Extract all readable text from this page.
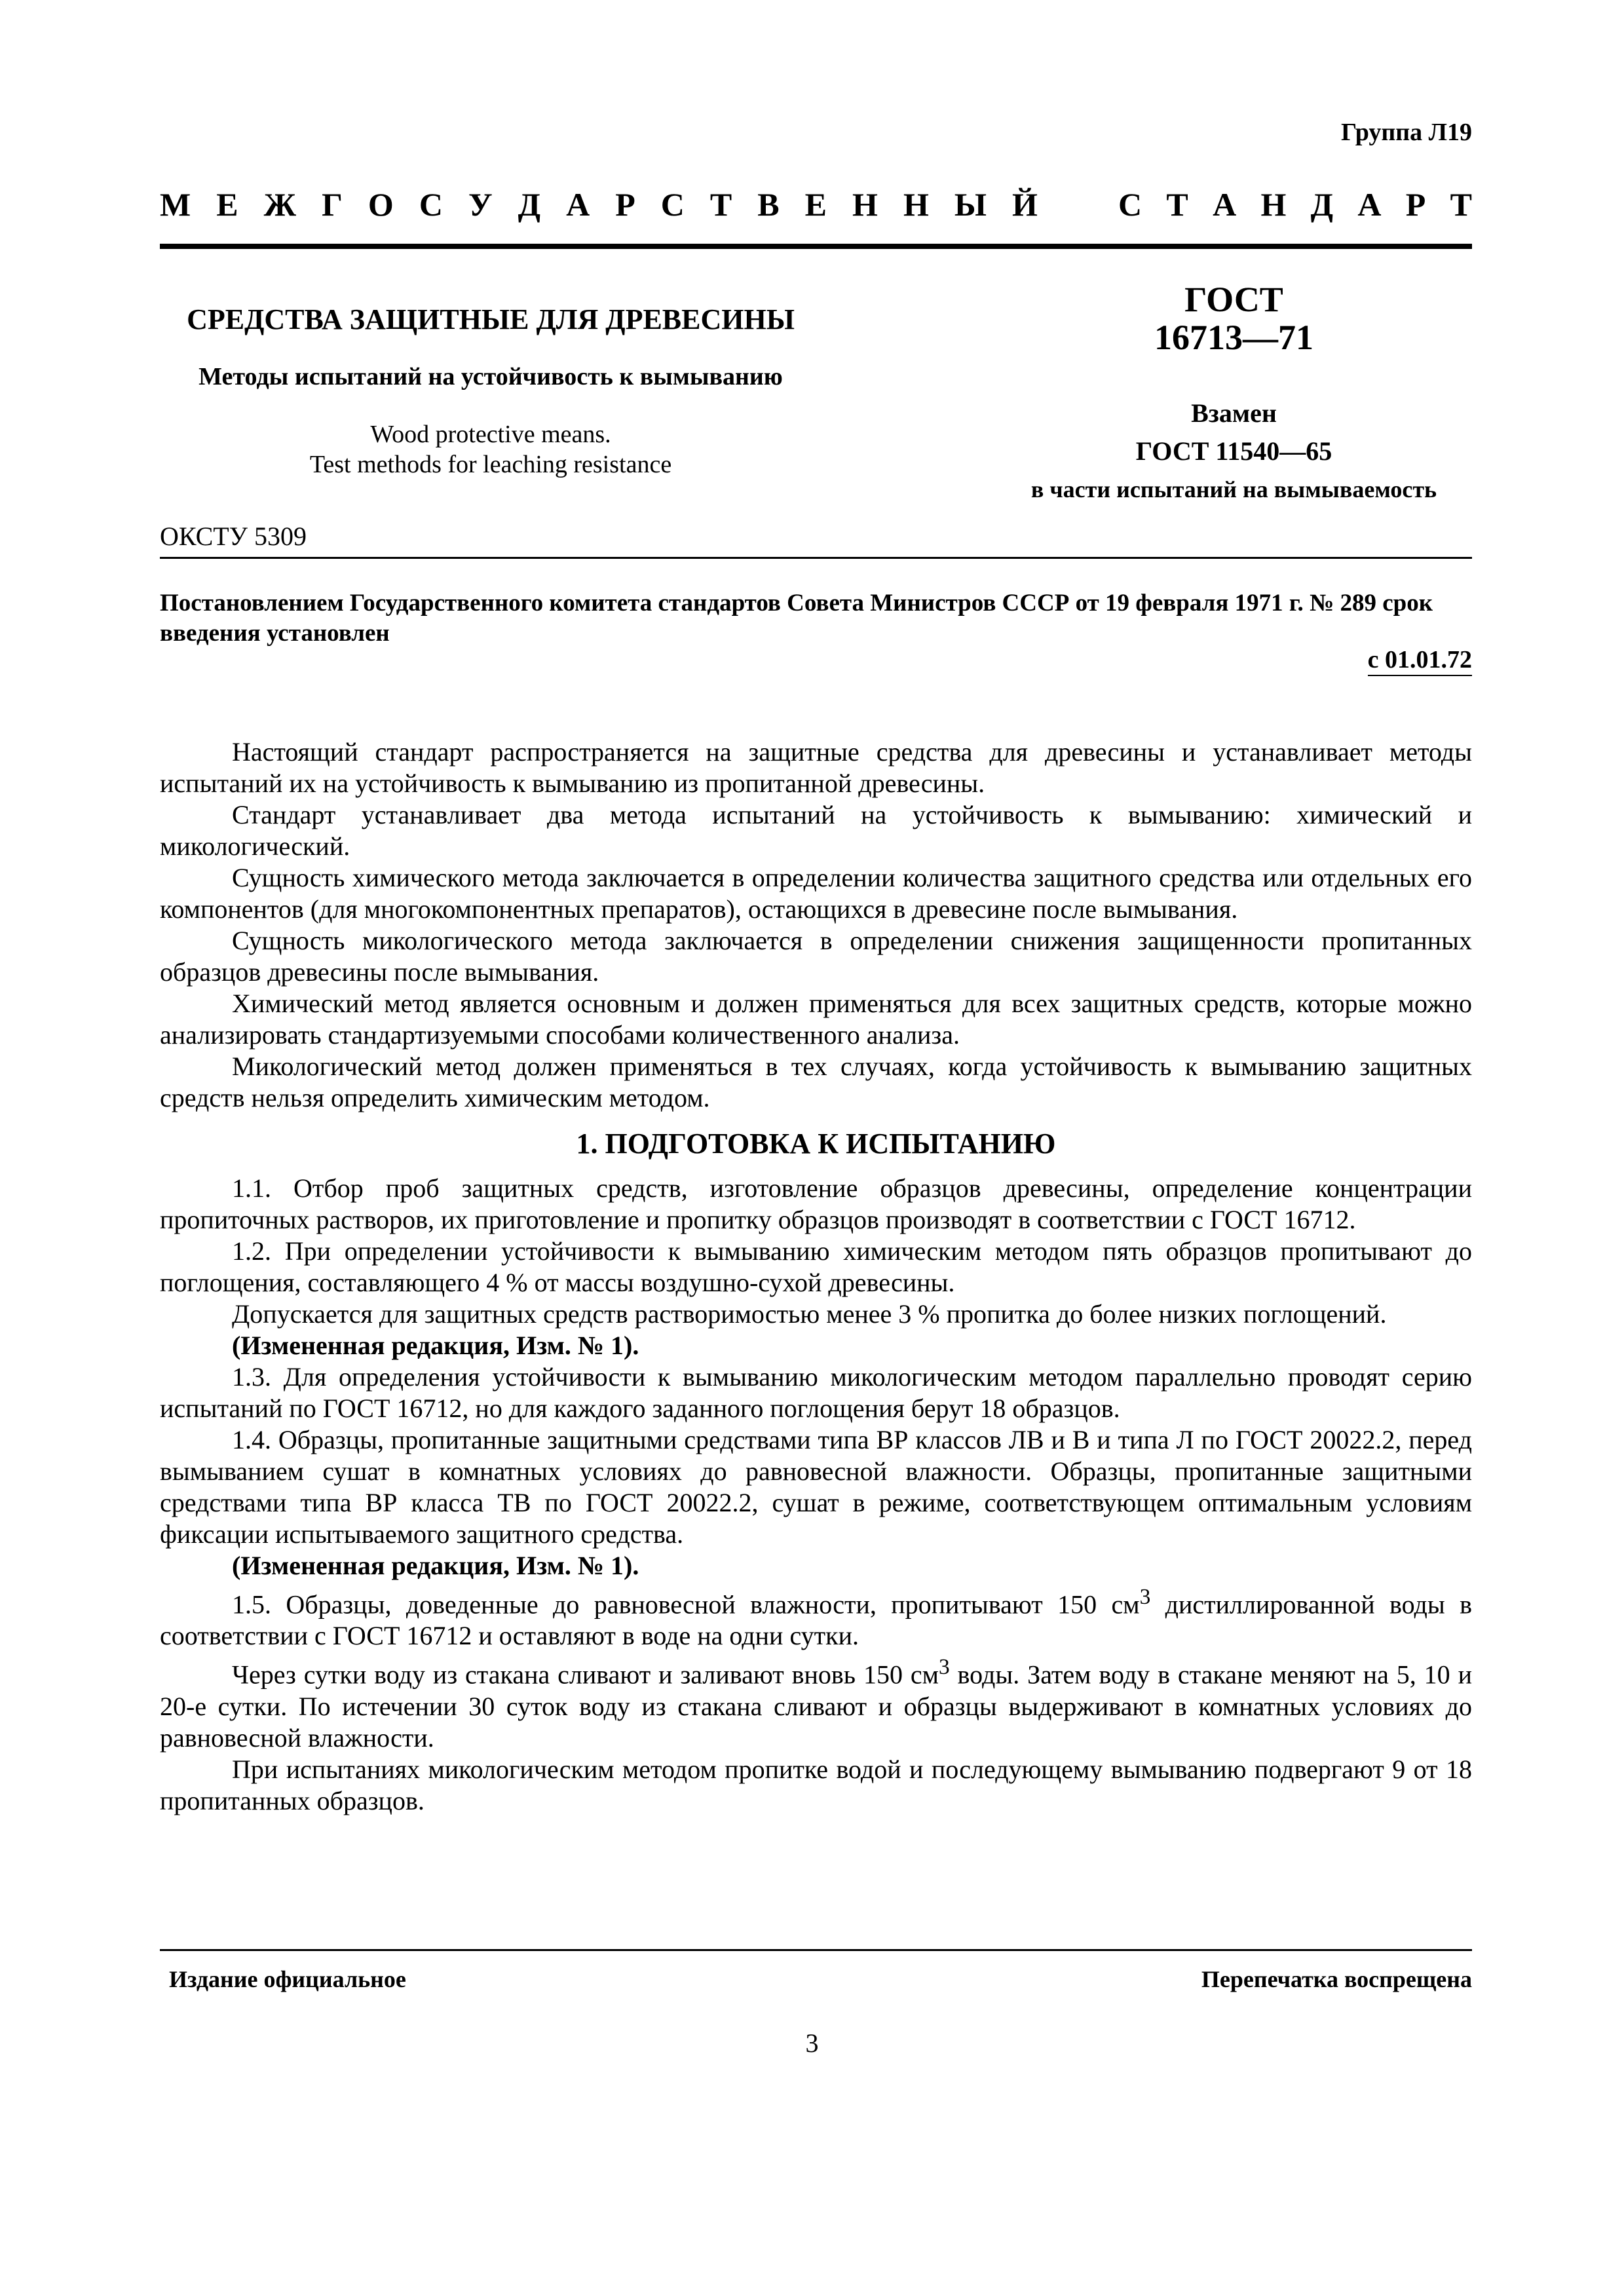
Группа Л19
М Е Ж Г О С У Д А Р С Т В Е Н Н Ы Й С Т А Н Д А Р Т
СРЕДСТВА ЗАЩИТНЫЕ ДЛЯ ДРЕВЕСИНЫ
Методы испытаний на устойчивость к вымыванию
Wood protective means.
Test methods for leaching resistance
ГОСТ
16713—71
Взамен
ГОСТ 11540—65
в части испытаний на вымываемость
ОКСТУ 5309
Постановлением Государственного комитета стандартов Совета Министров СССР от 19 февраля 1971 г. № 289 срок введения установлен
с 01.01.72

Настоящий стандарт распространяется на защитные средства для древесины и устанавливает методы испытаний их на устойчивость к вымыванию из пропитанной древесины.

Стандарт устанавливает два метода испытаний на устойчивость к вымыванию: химический и микологический.

Сущность химического метода заключается в определении количества защитного средства или отдельных его компонентов (для многокомпонентных препаратов), остающихся в древесине после вымывания.

Сущность микологического метода заключается в определении снижения защищенности пропитанных образцов древесины после вымывания.

Химический метод является основным и должен применяться для всех защитных средств, которые можно анализировать стандартизуемыми способами количественного анализа.

Микологический метод должен применяться в тех случаях, когда устойчивость к вымыванию защитных средств нельзя определить химическим методом.

1. ПОДГОТОВКА К ИСПЫТАНИЮ

1.1. Отбор проб защитных средств, изготовление образцов древесины, определение концентрации пропиточных растворов, их приготовление и пропитку образцов производят в соответствии с ГОСТ 16712.

1.2. При определении устойчивости к вымыванию химическим методом пять образцов пропитывают до поглощения, составляющего 4 % от массы воздушно-сухой древесины.

Допускается для защитных средств растворимостью менее 3 % пропитка до более низких поглощений.

(Измененная редакция, Изм. № 1).

1.3. Для определения устойчивости к вымыванию микологическим методом параллельно проводят серию испытаний по ГОСТ 16712, но для каждого заданного поглощения берут 18 образцов.

1.4. Образцы, пропитанные защитными средствами типа ВР классов ЛВ и В и типа Л по ГОСТ 20022.2, перед вымыванием сушат в комнатных условиях до равновесной влажности. Образцы, пропитанные защитными средствами типа ВР класса ТВ по ГОСТ 20022.2, сушат в режиме, соответствующем оптимальным условиям фиксации испытываемого защитного средства.

(Измененная редакция, Изм. № 1).

1.5. Образцы, доведенные до равновесной влажности, пропитывают 150 $см^3$ дистиллированной воды в соответствии с ГОСТ 16712 и оставляют в воде на одни сутки.

Через сутки воду из стакана сливают и заливают вновь 150 $см^3$ воды. Затем воду в стакане меняют на 5, 10 и 20-е сутки. По истечении 30 суток воду из стакана сливают и образцы выдерживают в комнатных условиях до равновесной влажности.

При испытаниях микологическим методом пропитке водой и последующему вымыванию подвергают 9 от 18 пропитанных образцов.

Издание официальное	Перепечатка воспрещена
3
